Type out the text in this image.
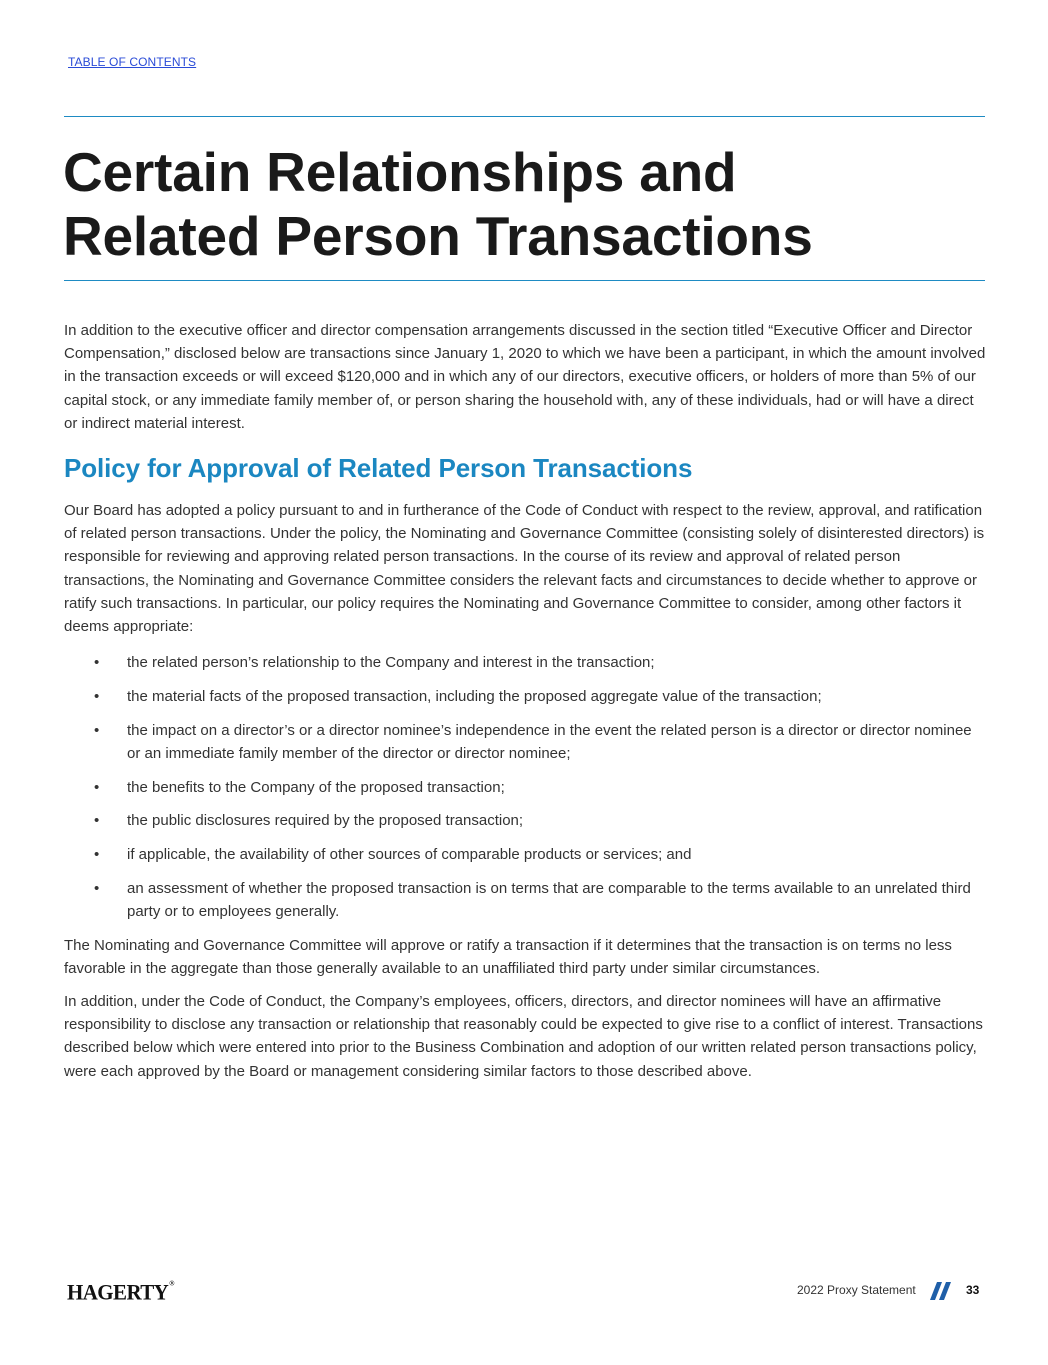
TABLE OF CONTENTS
Certain Relationships and
Related Person Transactions

In addition to the executive officer and director compensation arrangements discussed in the section titled “Executive Officer and Director Compensation,” disclosed below are transactions since January 1, 2020 to which we have been a participant, in which the amount involved in the transaction exceeds or will exceed $120,000 and in which any of our directors, executive officers, or holders of more than 5% of our capital stock, or any immediate family member of, or person sharing the household with, any of these individuals, had or will have a direct or indirect material interest.

Policy for Approval of Related Person Transactions

Our Board has adopted a policy pursuant to and in furtherance of the Code of Conduct with respect to the review, approval, and ratification of related person transactions. Under the policy, the Nominating and Governance Committee (consisting solely of disinterested directors) is responsible for reviewing and approving related person transactions. In the course of its review and approval of related person transactions, the Nominating and Governance Committee considers the relevant facts and circumstances to decide whether to approve or ratify such transactions. In particular, our policy requires the Nominating and Governance Committee to consider, among other factors it deems appropriate:

• the related person’s relationship to the Company and interest in the transaction;
• the material facts of the proposed transaction, including the proposed aggregate value of the transaction;
• the impact on a director’s or a director nominee’s independence in the event the related person is a director or director nominee or an immediate family member of the director or director nominee;
• the benefits to the Company of the proposed transaction;
• the public disclosures required by the proposed transaction;
• if applicable, the availability of other sources of comparable products or services; and
• an assessment of whether the proposed transaction is on terms that are comparable to the terms available to an unrelated third party or to employees generally.

The Nominating and Governance Committee will approve or ratify a transaction if it determines that the transaction is on terms no less favorable in the aggregate than those generally available to an unaffiliated third party under similar circumstances.

In addition, under the Code of Conduct, the Company’s employees, officers, directors, and director nominees will have an affirmative responsibility to disclose any transaction or relationship that reasonably could be expected to give rise to a conflict of interest. Transactions described below which were entered into prior to the Business Combination and adoption of our written related person transactions policy, were each approved by the Board or management considering similar factors to those described above.

HAGERTY®	2022 Proxy Statement	33
